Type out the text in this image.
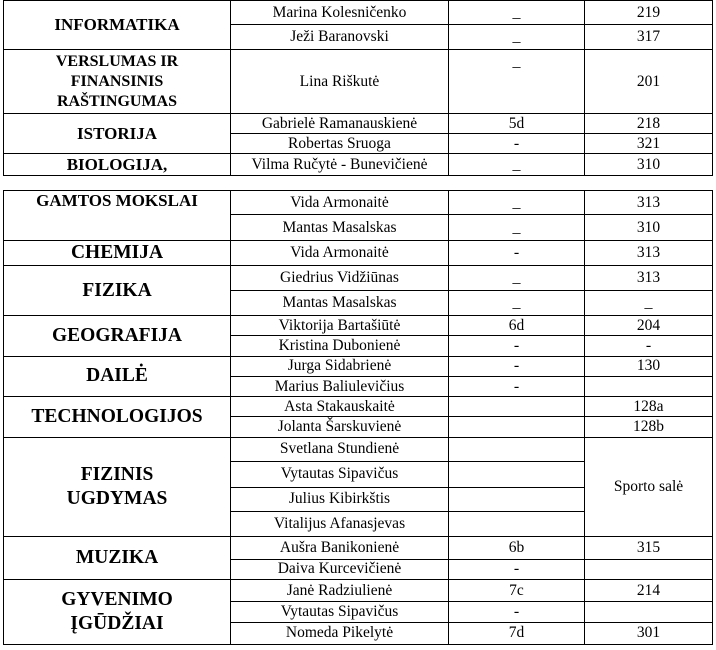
INFORMATIKA	Marina Kolesničenko	_	219
	Ježi Baranovski	_	317

VERSLUMAS IR
FINANSINIS
RAŠTINGUMAS	Lina Riškutė	_	201
ISTORIJA	Gabrielė Ramanauskienė	5d	218
	Robertas Sruoga	-	321
BIOLOGIJA,	Vilma Ručytė - Bunevičienė	_	310
GAMTOS MOKSLAI	Vida Armonaitė	_	313
	Mantas Masalskas	_	310
CHEMIJA	Vida Armonaitė	-	313
FIZIKA	Giedrius Vidžiūnas	_	313
	Mantas Masalskas	_	_
GEOGRAFIJA	Viktorija Bartašiūtė	6d	204
	Kristina Dubonienė	-	-
DAILĖ	Jurga Sidabrienė	-	130
	Marius Baliulevičius	-	
TECHNOLOGIJOS	Asta Stakauskaitė		128a
	Jolanta Šarskuvienė		128b

FIZINIS
UGDYMAS	Svetlana Stundienė		Sporto salė
	Vytautas Sipavičus		
	Julius Kibirkštis		
	Vitalijus Afanasjevas		
MUZIKA	Aušra Banikonienė	6b	315
	Daiva Kurcevičienė	-	

GYVENIMO
ĮGŪDŽIAI	Janė Radziulienė	7c	214
	Vytautas Sipavičus	-	
	Nomeda Pikelytė	7d	301
